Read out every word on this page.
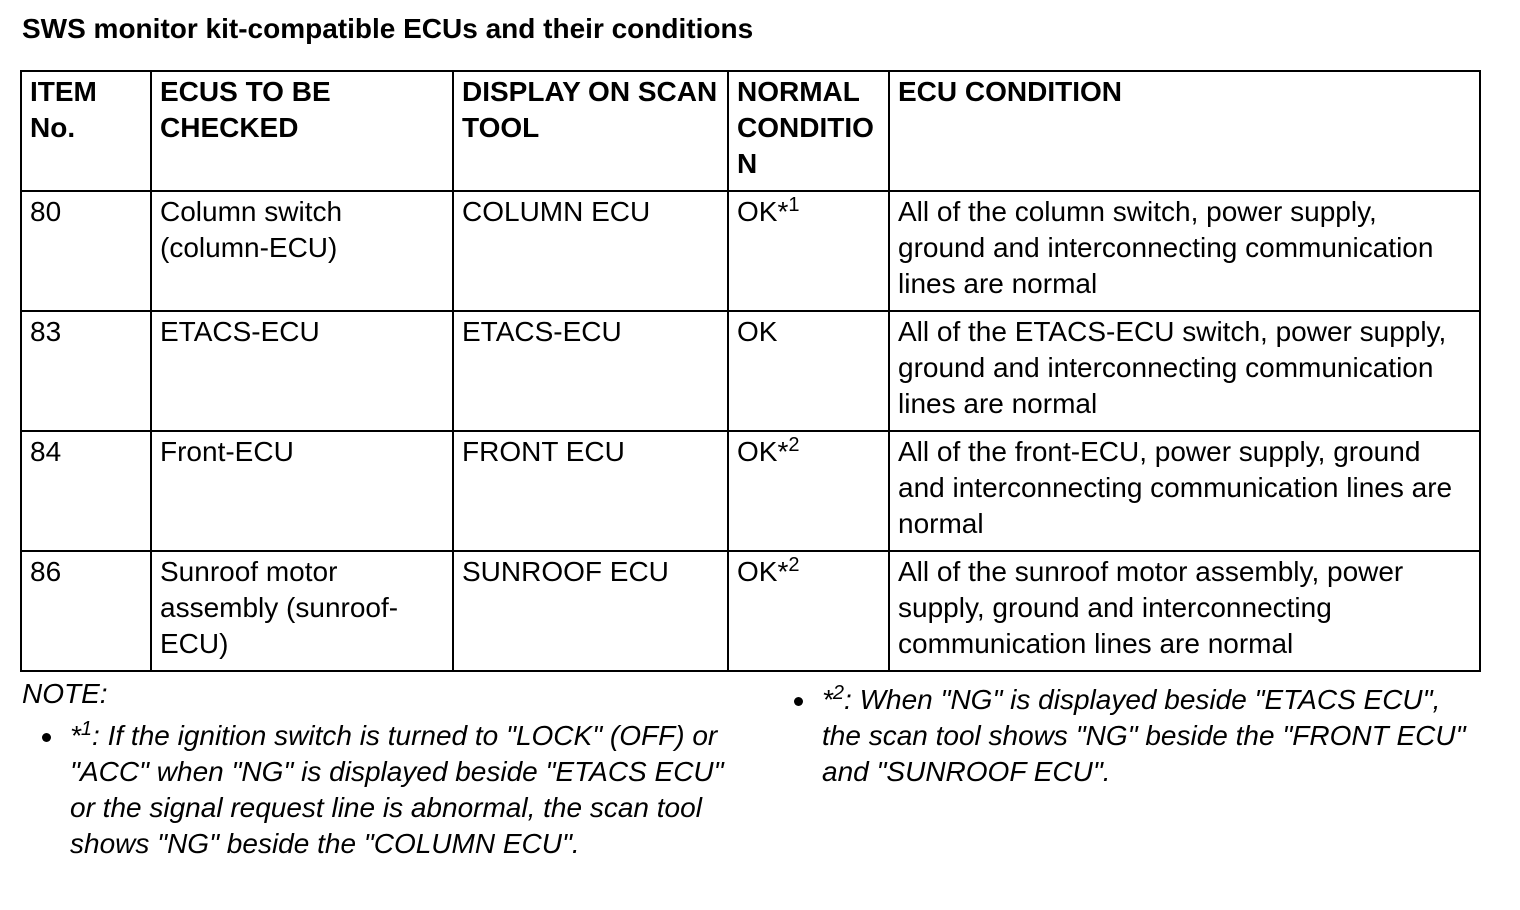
SWS monitor kit-compatible ECUs and their conditions
ITEM No.	ECUS TO BE CHECKED	DISPLAY ON SCAN TOOL	NORMAL CONDITION	ECU CONDITION
80	Column switch (column-ECU)	COLUMN ECU	OK*$^1$	All of the column switch, power supply, ground and interconnecting communication lines are normal
83	ETACS-ECU	ETACS-ECU	OK	All of the ETACS-ECU switch, power supply, ground and interconnecting communication lines are normal
84	Front-ECU	FRONT ECU	OK*$^2$	All of the front-ECU, power supply, ground and interconnecting communication lines are normal
86	Sunroof motor assembly (sunroof-ECU)	SUNROOF ECU	OK*$^2$	All of the sunroof motor assembly, power supply, ground and interconnecting communication lines are normal
NOTE:
*$^1$: If the ignition switch is turned to "LOCK" (OFF) or "ACC" when "NG" is displayed beside "ETACS ECU" or the signal request line is abnormal, the scan tool shows "NG" beside the "COLUMN ECU".
*$^2$: When "NG" is displayed beside "ETACS ECU", the scan tool shows "NG" beside the "FRONT ECU" and "SUNROOF ECU".
